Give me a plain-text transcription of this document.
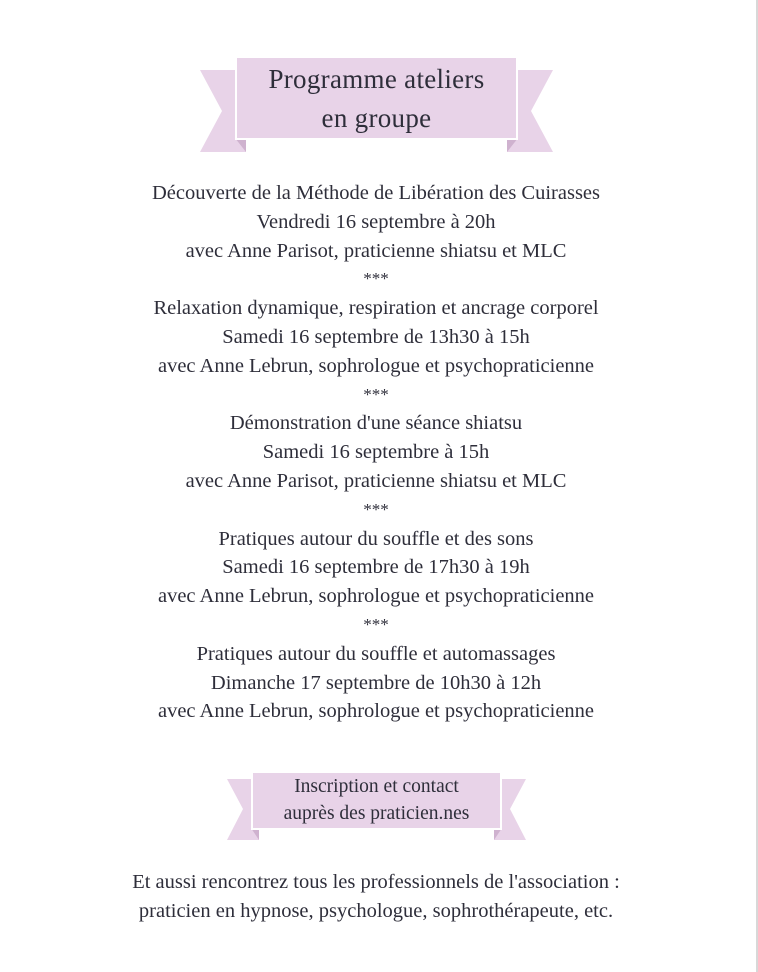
Programme ateliers
en groupe
Découverte de la Méthode de Libération des Cuirasses
Vendredi 16 septembre à 20h
avec Anne Parisot, praticienne shiatsu et MLC
***
Relaxation dynamique, respiration et ancrage corporel
Samedi 16 septembre de 13h30 à 15h
avec Anne Lebrun, sophrologue et psychopraticienne
***
Démonstration d'une séance shiatsu
Samedi 16 septembre à 15h
avec Anne Parisot, praticienne shiatsu et MLC
***
Pratiques autour du souffle et des sons
Samedi 16 septembre de 17h30 à 19h
avec Anne Lebrun, sophrologue et psychopraticienne
***
Pratiques autour du souffle et automassages
Dimanche 17 septembre de 10h30 à 12h
avec Anne Lebrun, sophrologue et psychopraticienne
Inscription et contact
auprès des praticien.nes
Et aussi rencontrez tous les professionnels de l'association :
praticien en hypnose, psychologue, sophrothérapeute, etc.
